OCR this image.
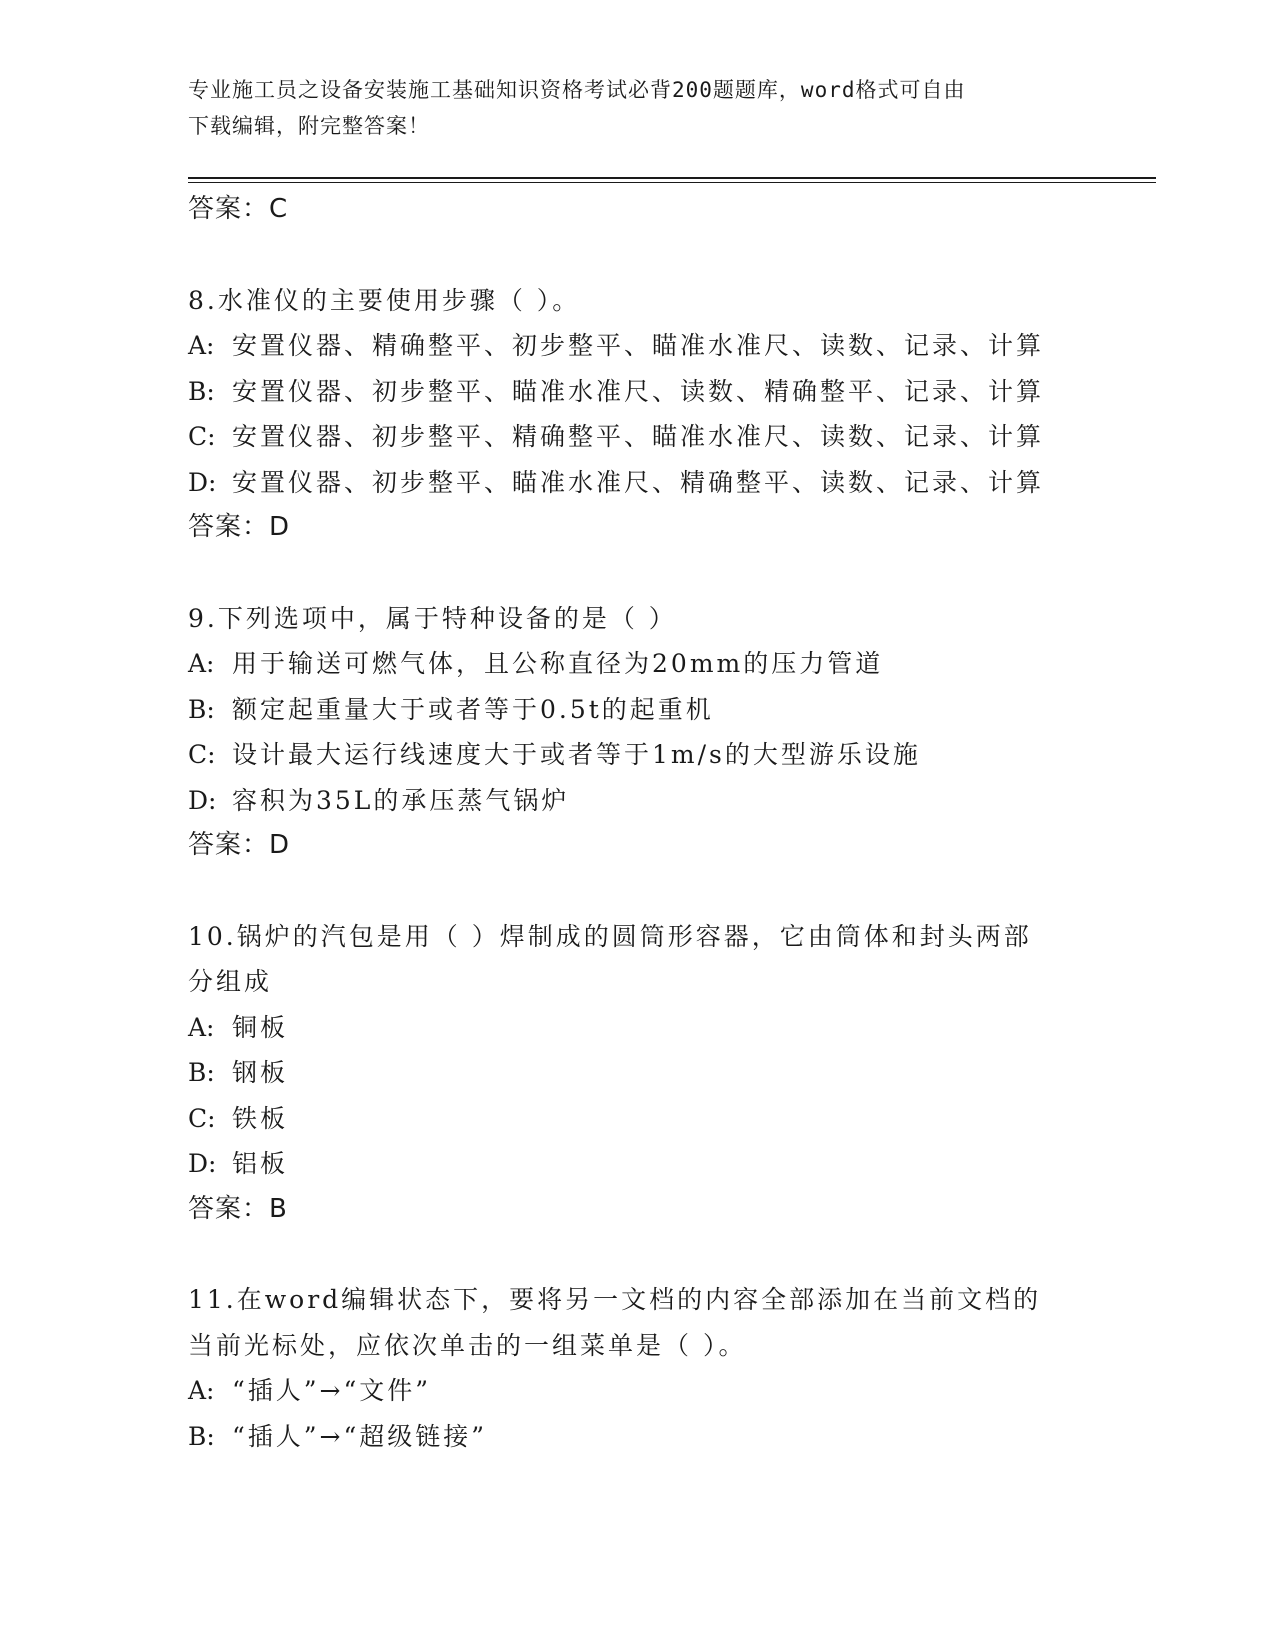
专业施工员之设备安装施工基础知识资格考试必背200题题库，word格式可自由
下载编辑，附完整答案！
答案：C
8.水准仪的主要使用步骤（ ）。
A: 安置仪器、精确整平、初步整平、瞄准水准尺、读数、记录、计算
B: 安置仪器、初步整平、瞄准水准尺、读数、精确整平、记录、计算
C: 安置仪器、初步整平、精确整平、瞄准水准尺、读数、记录、计算
D: 安置仪器、初步整平、瞄准水准尺、精确整平、读数、记录、计算
答案：D
9.下列选项中，属于特种设备的是（ ）
A: 用于输送可燃气体，且公称直径为20mm的压力管道
B: 额定起重量大于或者等于0.5t的起重机
C: 设计最大运行线速度大于或者等于1m/s的大型游乐设施
D: 容积为35L的承压蒸气锅炉
答案：D
10.锅炉的汽包是用（ ）焊制成的圆筒形容器，它由筒体和封头两部
分组成
A: 铜板
B: 钢板
C: 铁板
D: 铝板
答案：B
11.在word编辑状态下，要将另一文档的内容全部添加在当前文档的
当前光标处，应依次单击的一组菜单是（ ）。
A: “插人”→“文件”
B: “插人”→“超级链接”
